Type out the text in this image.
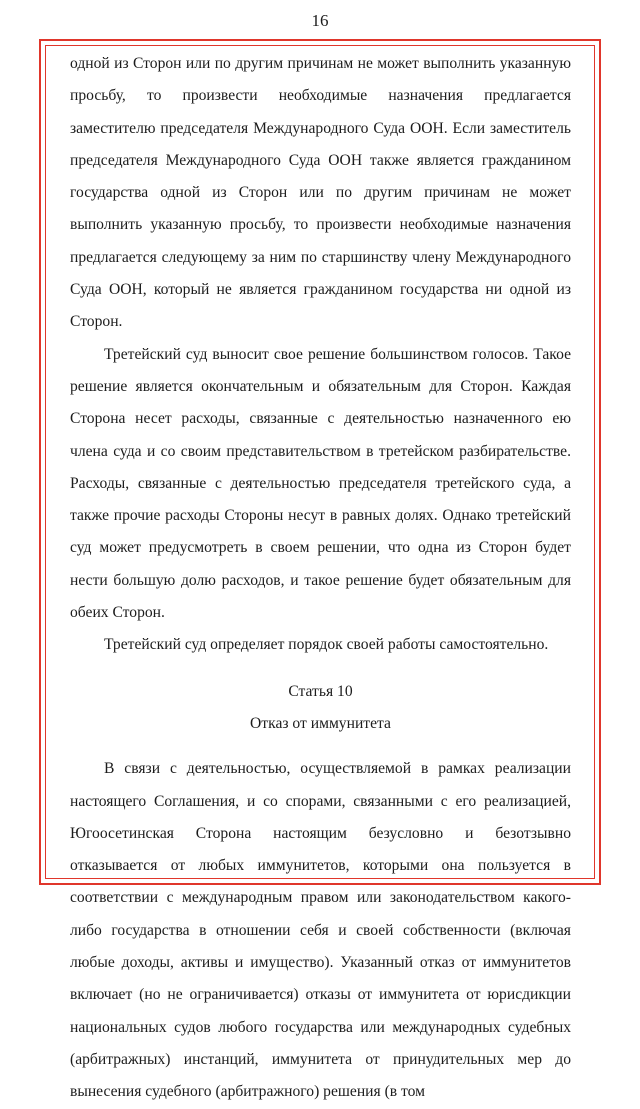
16

одной из Сторон или по другим причинам не может выполнить указанную просьбу, то произвести необходимые назначения предлагается заместителю председателя Международного Суда ООН. Если заместитель председателя Международного Суда ООН также является гражданином государства одной из Сторон или по другим причинам не может выполнить указанную просьбу, то произвести необходимые назначения предлагается следующему за ним по старшинству члену Международного Суда ООН, который не является гражданином государства ни одной из Сторон.

Третейский суд выносит свое решение большинством голосов. Такое решение является окончательным и обязательным для Сторон. Каждая Сторона несет расходы, связанные с деятельностью назначенного ею члена суда и со своим представительством в третейском разбирательстве. Расходы, связанные с деятельностью председателя третейского суда, а также прочие расходы Стороны несут в равных долях. Однако третейский суд может предусмотреть в своем решении, что одна из Сторон будет нести большую долю расходов, и такое решение будет обязательным для обеих Сторон.

Третейский суд определяет порядок своей работы самостоятельно.

Статья 10

Отказ от иммунитета

В связи с деятельностью, осуществляемой в рамках реализации настоящего Соглашения, и со спорами, связанными с его реализацией, Югоосетинская Сторона настоящим безусловно и безотзывно отказывается от любых иммунитетов, которыми она пользуется в соответствии с международным правом или законодательством какого-либо государства в отношении себя и своей собственности (включая любые доходы, активы и имущество). Указанный отказ от иммунитетов включает (но не ограничивается) отказы от иммунитета от юрисдикции национальных судов любого государства или международных судебных (арбитражных) инстанций, иммунитета от принудительных мер до вынесения судебного (арбитражного) решения (в том
